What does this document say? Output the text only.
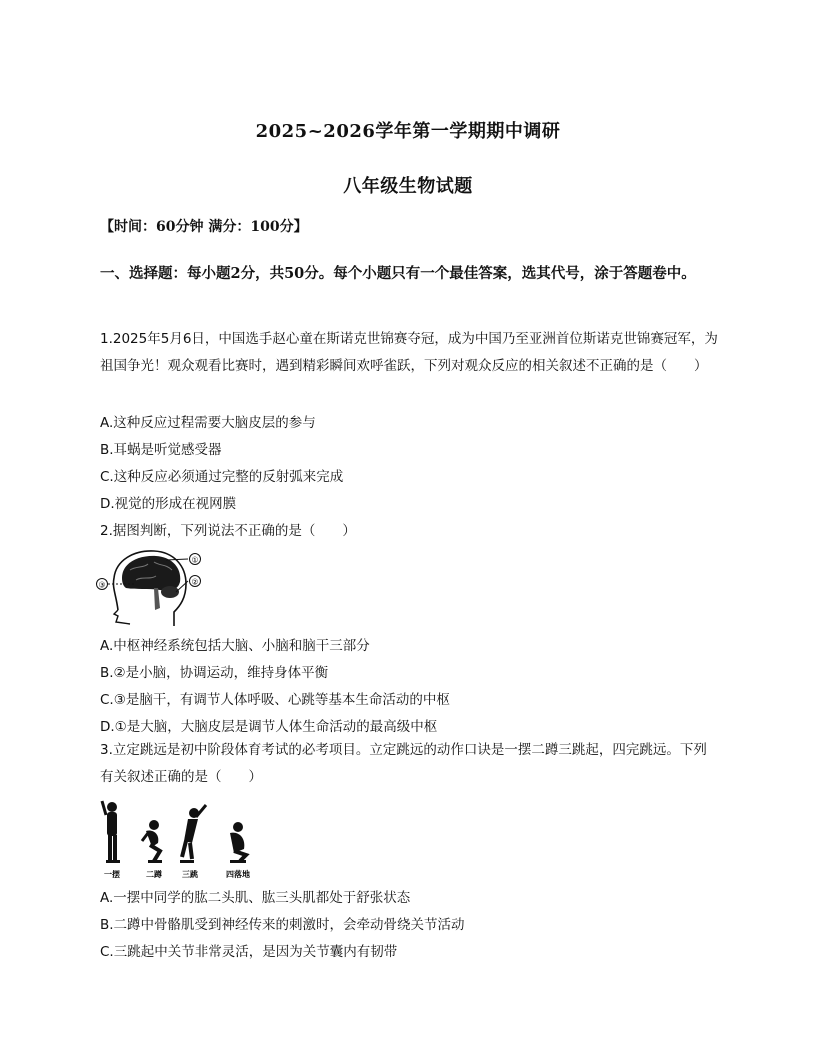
2025~2026学年第一学期期中调研
八年级生物试题
【时间：60分钟 满分：100分】
一、选择题：每小题2分，共50分。每个小题只有一个最佳答案，选其代号，涂于答题卷中。
1.2025年5月6日，中国选手赵心童在斯诺克世锦赛夺冠，成为中国乃至亚洲首位斯诺克世锦赛冠军，为祖国争光！观众观看比赛时，遇到精彩瞬间欢呼雀跃，下列对观众反应的相关叙述不正确的是（　　）
A.这种反应过程需要大脑皮层的参与
B.耳蜗是听觉感受器
C.这种反应必须通过完整的反射弧来完成
D.视觉的形成在视网膜
2.据图判断，下列说法不正确的是（　　）
①
②
③
A.中枢神经系统包括大脑、小脑和脑干三部分
B.②是小脑，协调运动，维持身体平衡
C.③是脑干，有调节人体呼吸、心跳等基本生命活动的中枢
D.①是大脑，大脑皮层是调节人体生命活动的最高级中枢
3.立定跳远是初中阶段体育考试的必考项目。立定跳远的动作口诀是一摆二蹲三跳起，四完跳远。下列有关叙述正确的是（　　）
一摆	二蹲	三跳	四落地
A.一摆中同学的肱二头肌、肱三头肌都处于舒张状态
B.二蹲中骨骼肌受到神经传来的刺激时，会牵动骨绕关节活动
C.三跳起中关节非常灵活，是因为关节囊内有韧带
